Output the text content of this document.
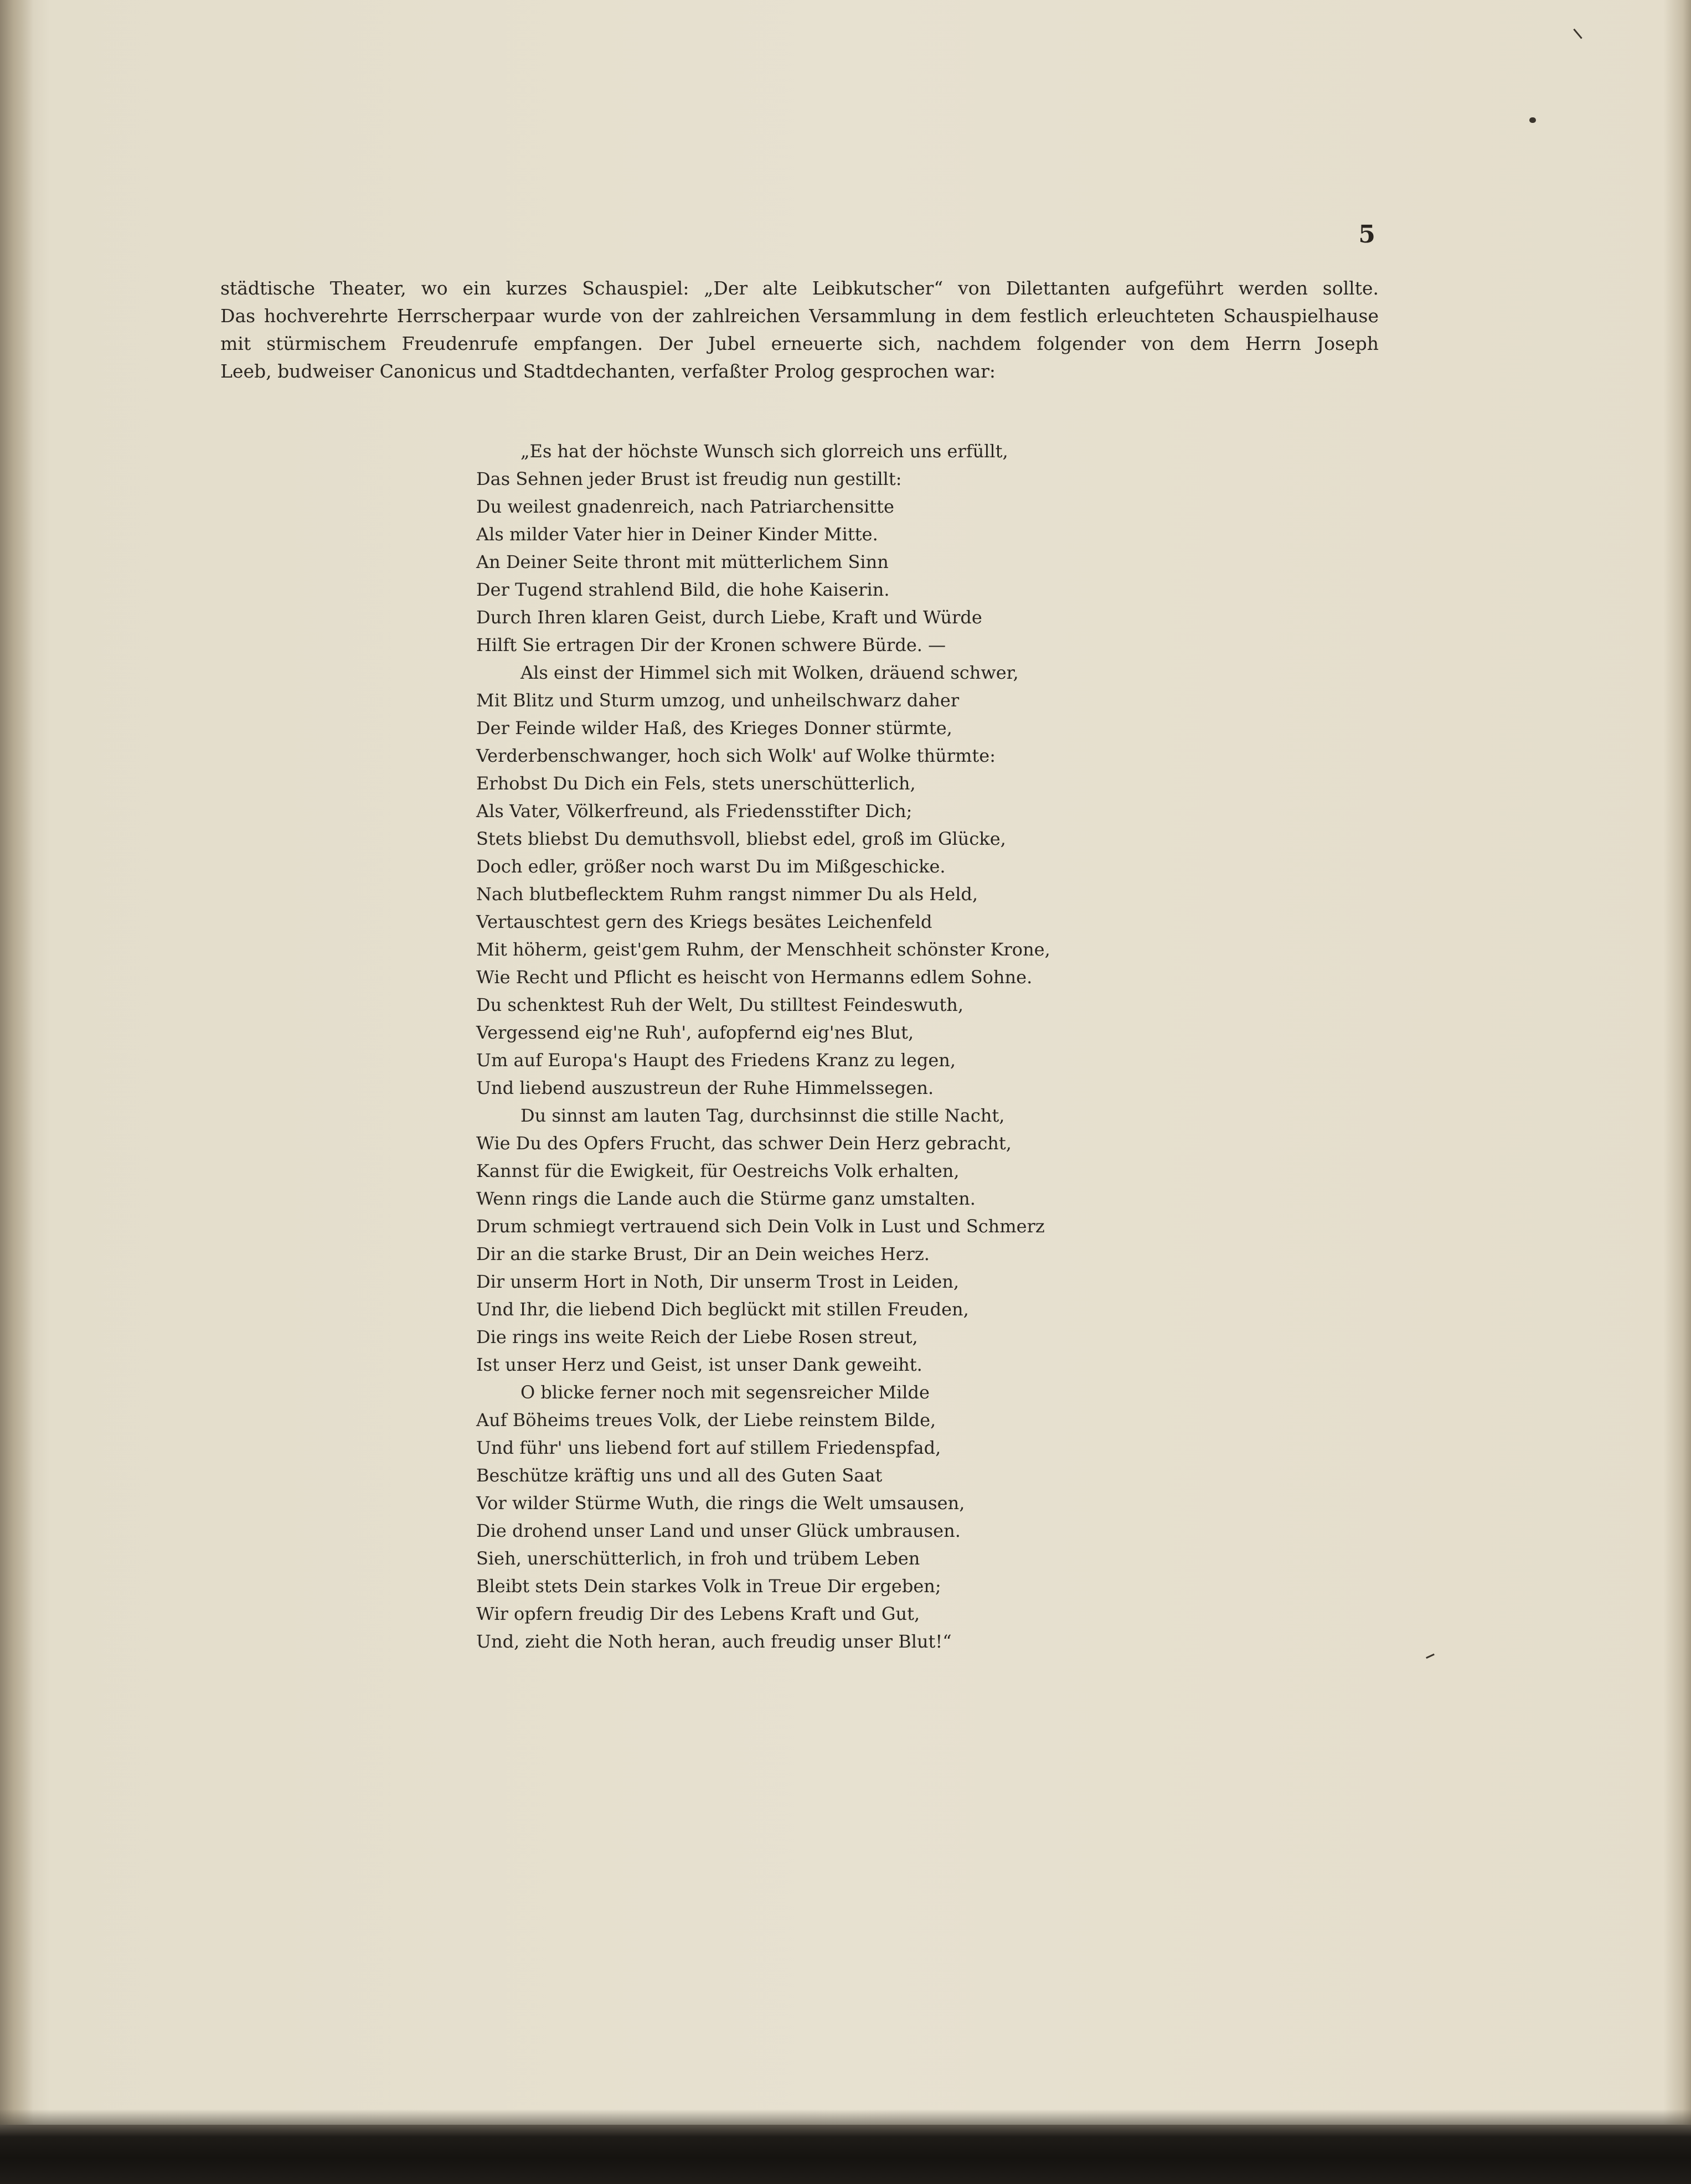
5
städtische Theater, wo ein kurzes Schauspiel: „Der alte Leibkutscher“ von Dilettanten aufgeführt werden sollte.
Das hochverehrte Herrscherpaar wurde von der zahlreichen Versammlung in dem festlich erleuchteten Schauspielhause
mit stürmischem Freudenrufe empfangen. Der Jubel erneuerte sich, nachdem folgender von dem Herrn Joseph
Leeb, budweiser Canonicus und Stadtdechanten, verfaßter Prolog gesprochen war:
„Es hat der höchste Wunsch sich glorreich uns erfüllt,
Das Sehnen jeder Brust ist freudig nun gestillt:
Du weilest gnadenreich, nach Patriarchensitte
Als milder Vater hier in Deiner Kinder Mitte.
An Deiner Seite thront mit mütterlichem Sinn
Der Tugend strahlend Bild, die hohe Kaiserin.
Durch Ihren klaren Geist, durch Liebe, Kraft und Würde
Hilft Sie ertragen Dir der Kronen schwere Bürde. —
Als einst der Himmel sich mit Wolken, dräuend schwer,
Mit Blitz und Sturm umzog, und unheilschwarz daher
Der Feinde wilder Haß, des Krieges Donner stürmte,
Verderbenschwanger, hoch sich Wolk' auf Wolke thürmte:
Erhobst Du Dich ein Fels, stets unerschütterlich,
Als Vater, Völkerfreund, als Friedensstifter Dich;
Stets bliebst Du demuthsvoll, bliebst edel, groß im Glücke,
Doch edler, größer noch warst Du im Mißgeschicke.
Nach blutbeflecktem Ruhm rangst nimmer Du als Held,
Vertauschtest gern des Kriegs besätes Leichenfeld
Mit höherm, geist'gem Ruhm, der Menschheit schönster Krone,
Wie Recht und Pflicht es heischt von Hermanns edlem Sohne.
Du schenktest Ruh der Welt, Du stilltest Feindeswuth,
Vergessend eig'ne Ruh', aufopfernd eig'nes Blut,
Um auf Europa's Haupt des Friedens Kranz zu legen,
Und liebend auszustreun der Ruhe Himmelssegen.
Du sinnst am lauten Tag, durchsinnst die stille Nacht,
Wie Du des Opfers Frucht, das schwer Dein Herz gebracht,
Kannst für die Ewigkeit, für Oestreichs Volk erhalten,
Wenn rings die Lande auch die Stürme ganz umstalten.
Drum schmiegt vertrauend sich Dein Volk in Lust und Schmerz
Dir an die starke Brust, Dir an Dein weiches Herz.
Dir unserm Hort in Noth, Dir unserm Trost in Leiden,
Und Ihr, die liebend Dich beglückt mit stillen Freuden,
Die rings ins weite Reich der Liebe Rosen streut,
Ist unser Herz und Geist, ist unser Dank geweiht.
O blicke ferner noch mit segensreicher Milde
Auf Böheims treues Volk, der Liebe reinstem Bilde,
Und führ' uns liebend fort auf stillem Friedenspfad,
Beschütze kräftig uns und all des Guten Saat
Vor wilder Stürme Wuth, die rings die Welt umsausen,
Die drohend unser Land und unser Glück umbrausen.
Sieh, unerschütterlich, in froh und trübem Leben
Bleibt stets Dein starkes Volk in Treue Dir ergeben;
Wir opfern freudig Dir des Lebens Kraft und Gut,
Und, zieht die Noth heran, auch freudig unser Blut!“
